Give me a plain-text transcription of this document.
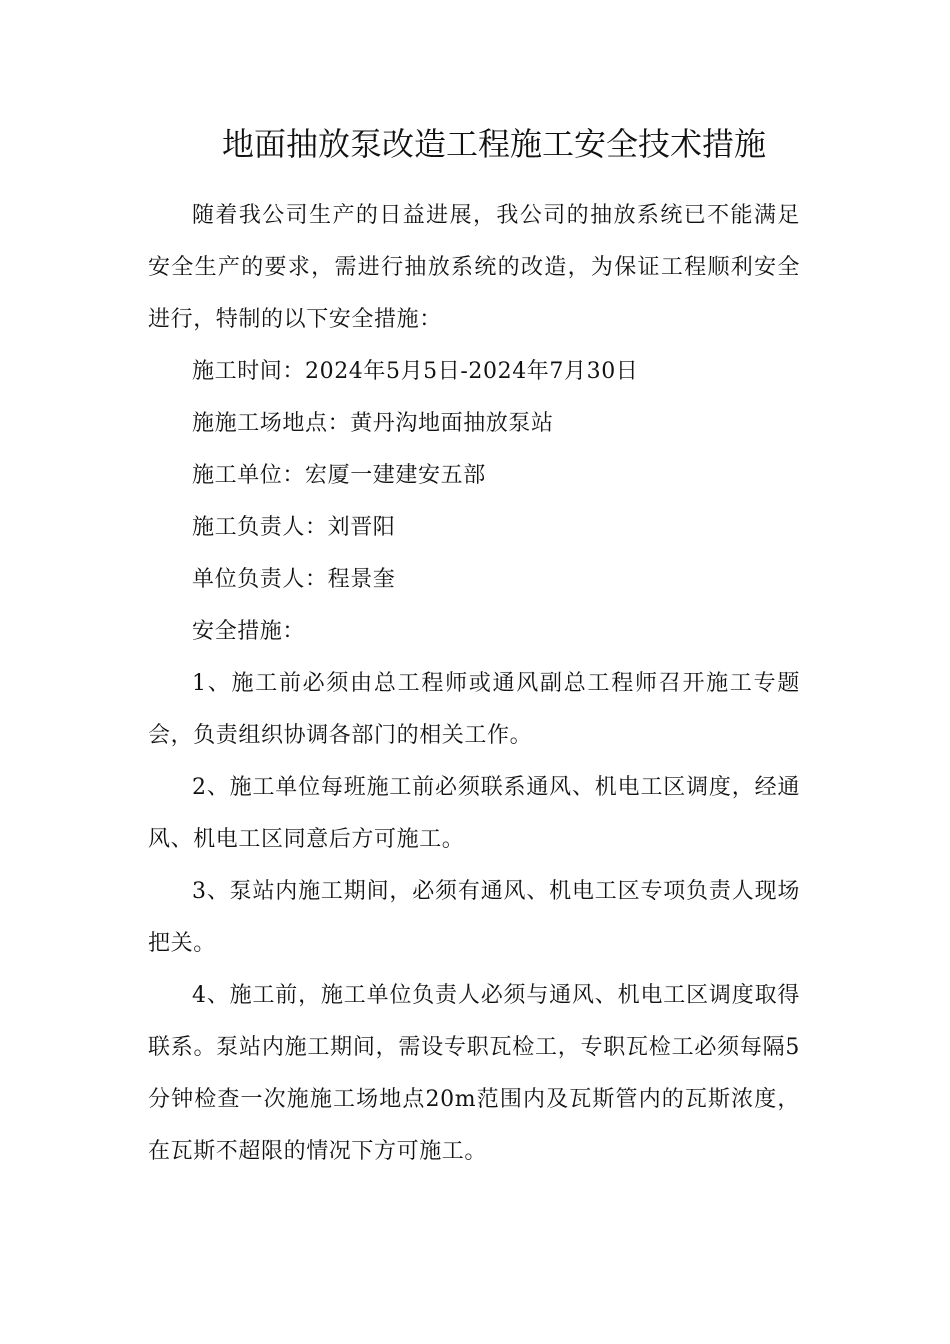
地面抽放泵改造工程施工安全技术措施

随着我公司生产的日益进展，我公司的抽放系统已不能满足安全生产的要求，需进行抽放系统的改造，为保证工程顺利安全进行，特制的以下安全措施：

施工时间：2024年5月5日-2024年7月30日

施施工场地点：黄丹沟地面抽放泵站

施工单位：宏厦一建建安五部

施工负责人：刘晋阳

单位负责人：程景奎

安全措施：

1、施工前必须由总工程师或通风副总工程师召开施工专题会，负责组织协调各部门的相关工作。

2、施工单位每班施工前必须联系通风、机电工区调度，经通风、机电工区同意后方可施工。

3、泵站内施工期间，必须有通风、机电工区专项负责人现场把关。

4、施工前，施工单位负责人必须与通风、机电工区调度取得联系。泵站内施工期间，需设专职瓦检工，专职瓦检工必须每隔5分钟检查一次施施工场地点20m范围内及瓦斯管内的瓦斯浓度，在瓦斯不超限的情况下方可施工。
